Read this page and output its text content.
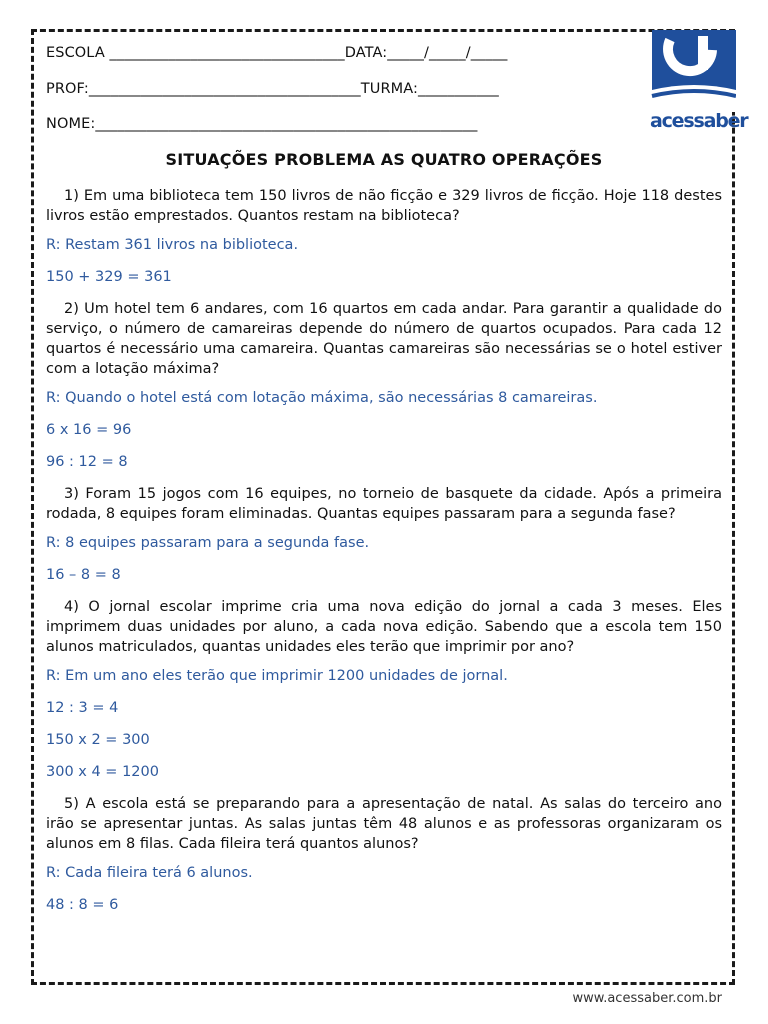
ESCOLA ________________________________DATA:_____/_____/_____
PROF:_____________________________________TURMA:___________
NOME:____________________________________________________	acessaber
SITUAÇÕES PROBLEMA AS QUATRO OPERAÇÕES

1) Em uma biblioteca tem 150 livros de não ficção e 329 livros de ficção. Hoje 118 destes livros estão emprestados. Quantos restam na biblioteca?

R: Restam 361 livros na biblioteca.

150 + 329 = 361

2) Um hotel tem 6 andares, com 16 quartos em cada andar. Para garantir a qualidade do serviço, o número de camareiras depende do número de quartos ocupados. Para cada 12 quartos é necessário uma camareira. Quantas camareiras são necessárias se o hotel estiver com a lotação máxima?

R: Quando o hotel está com lotação máxima, são necessárias 8 camareiras.

6 x 16 = 96

96 : 12 = 8

3) Foram 15 jogos com 16 equipes, no torneio de basquete da cidade. Após a primeira rodada, 8 equipes foram eliminadas. Quantas equipes passaram para a segunda fase?

R: 8 equipes passaram para a segunda fase.

16 – 8 = 8

4) O jornal escolar imprime cria uma nova edição do jornal a cada 3 meses. Eles imprimem duas unidades por aluno, a cada nova edição. Sabendo que a escola tem 150 alunos matriculados, quantas unidades eles terão que imprimir por ano?

R: Em um ano eles terão que imprimir 1200 unidades de jornal.

12 : 3 = 4

150 x 2 = 300

300 x 4 = 1200

5) A escola está se preparando para a apresentação de natal. As salas do terceiro ano irão se apresentar juntas. As salas juntas têm 48 alunos e as professoras organizaram os alunos em 8 filas. Cada fileira terá quantos alunos?

R: Cada fileira terá 6 alunos.

48 : 8 = 6

www.acessaber.com.br
